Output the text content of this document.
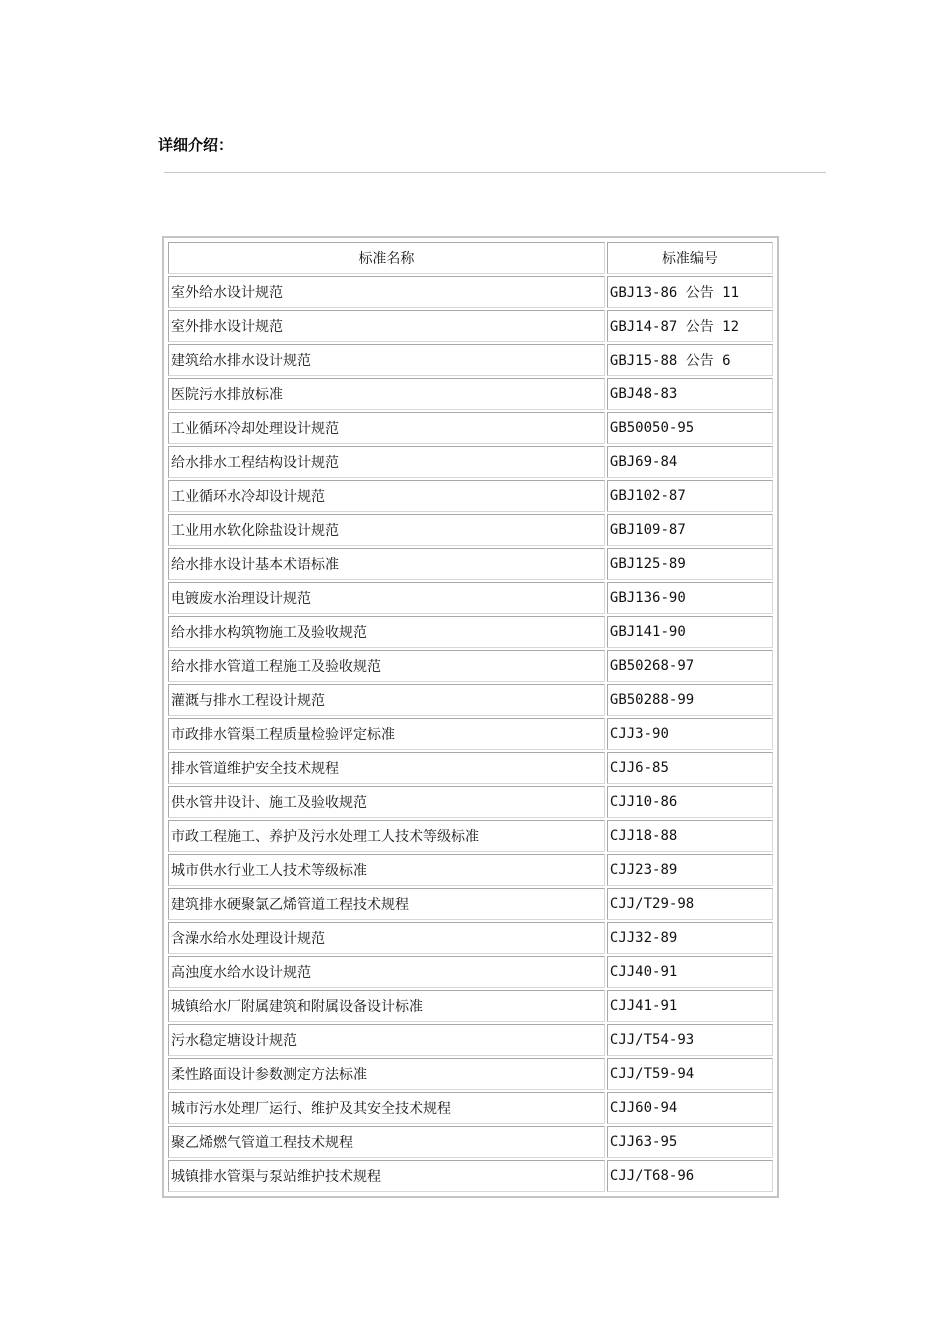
详细介绍：
标准名称	标准编号
室外给水设计规范	GBJ13-86 公告 11
室外排水设计规范	GBJ14-87 公告 12
建筑给水排水设计规范	GBJ15-88 公告 6
医院污水排放标准	GBJ48-83
工业循环冷却处理设计规范	GB50050-95
给水排水工程结构设计规范	GBJ69-84
工业循环水冷却设计规范	GBJ102-87
工业用水软化除盐设计规范	GBJ109-87
给水排水设计基本术语标准	GBJ125-89
电镀废水治理设计规范	GBJ136-90
给水排水构筑物施工及验收规范	GBJ141-90
给水排水管道工程施工及验收规范	GB50268-97
灌溉与排水工程设计规范	GB50288-99
市政排水管渠工程质量检验评定标准	CJJ3-90
排水管道维护安全技术规程	CJJ6-85
供水管井设计、施工及验收规范	CJJ10-86
市政工程施工、养护及污水处理工人技术等级标准	CJJ18-88
城市供水行业工人技术等级标准	CJJ23-89
建筑排水硬聚氯乙烯管道工程技术规程	CJJ/T29-98
含澡水给水处理设计规范	CJJ32-89
高浊度水给水设计规范	CJJ40-91
城镇给水厂附属建筑和附属设备设计标准	CJJ41-91
污水稳定塘设计规范	CJJ/T54-93
柔性路面设计参数测定方法标准	CJJ/T59-94
城市污水处理厂运行、维护及其安全技术规程	CJJ60-94
聚乙烯燃气管道工程技术规程	CJJ63-95
城镇排水管渠与泵站维护技术规程	CJJ/T68-96
